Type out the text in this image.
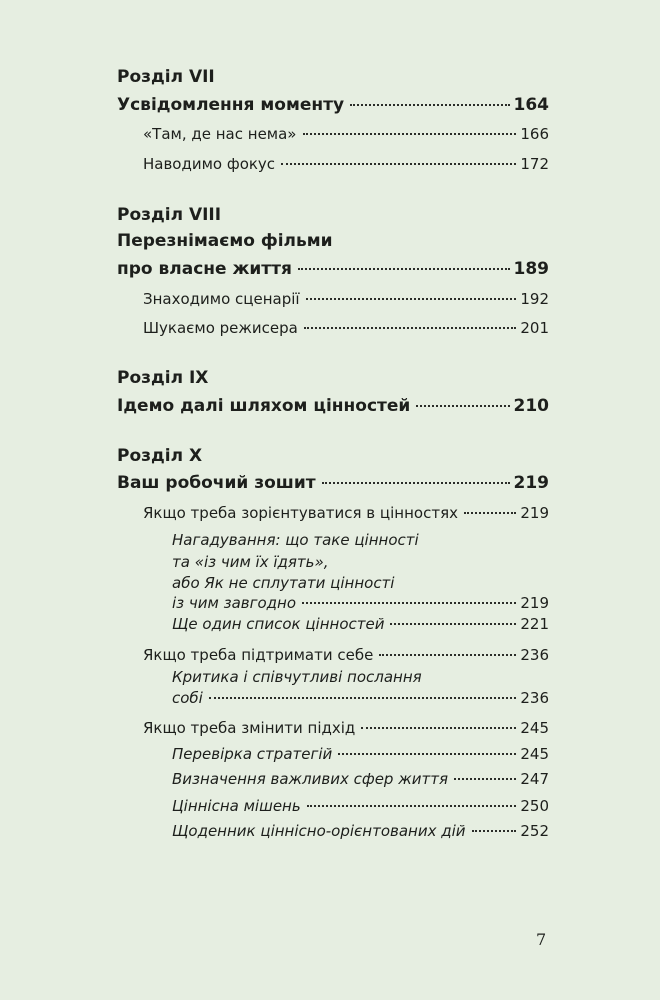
Розділ VII
Усвідомлення моменту	164
«Там, де нас нема»	166
Наводимо фокус	172
Розділ VIII
Перезнімаємо фільми
про власне життя	189
Знаходимо сценарії	192
Шукаємо режисера	201
Розділ IX
Ідемо далі шляхом цінностей	210
Розділ X
Ваш робочий зошит	219
Якщо треба зорієнтуватися в цінностях	219
Нагадування: що таке цінності
та «із чим їх їдять»,
або Як не сплутати цінності
із чим завгодно	219
Ще один список цінностей	221
Якщо треба підтримати себе	236
Критика і співчутливі послання
собі	236
Якщо треба змінити підхід	245
Перевірка стратегій	245
Визначення важливих сфер життя	247
Ціннісна мішень	250
Щоденник ціннісно-орієнтованих дій	252
7
